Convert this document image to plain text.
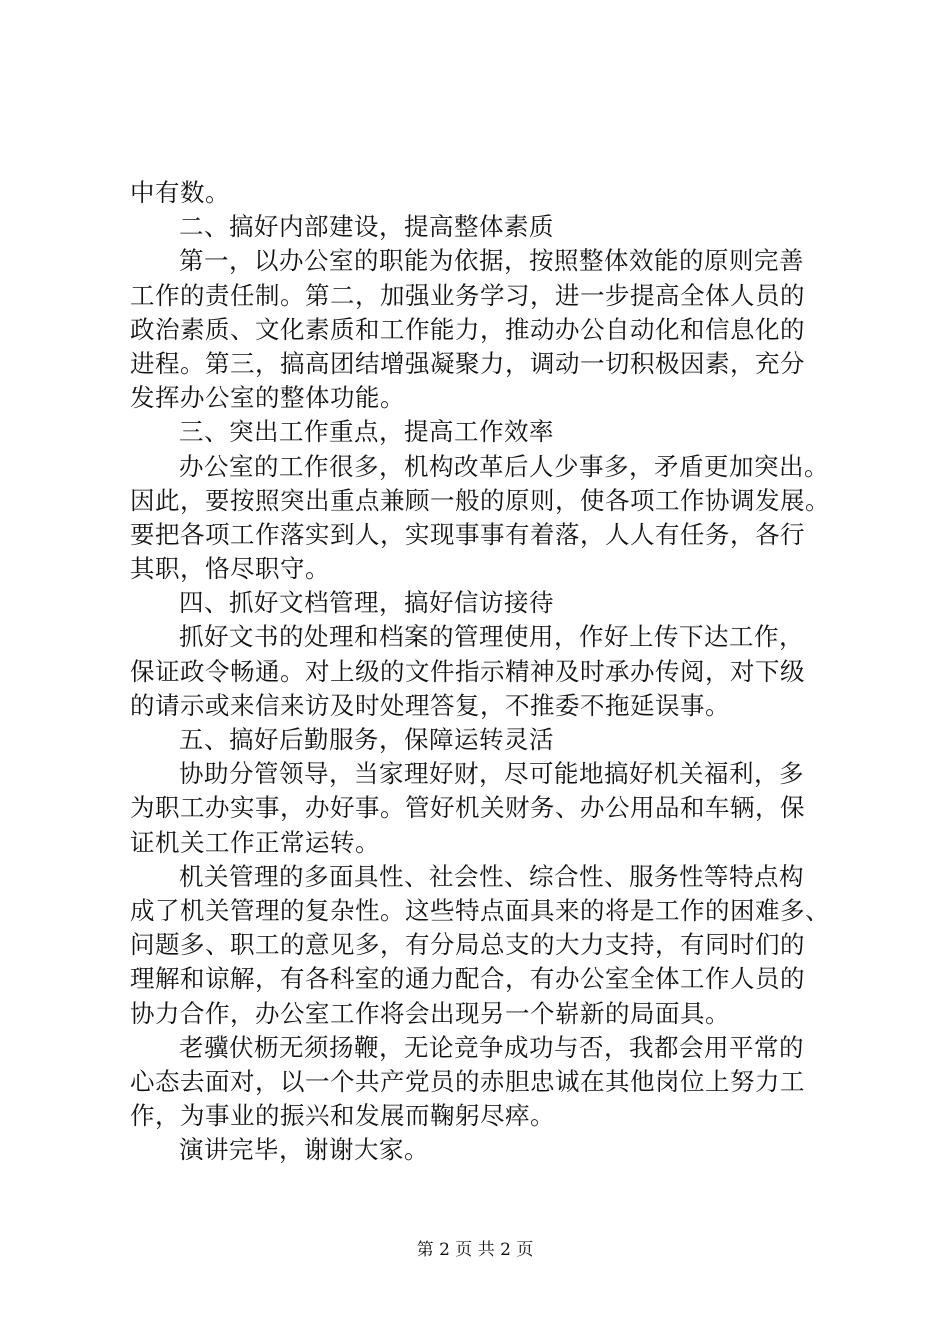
中有数。
二、搞好内部建设，提高整体素质
第一，以办公室的职能为依据，按照整体效能的原则完善
工作的责任制。第二，加强业务学习，进一步提高全体人员的
政治素质、文化素质和工作能力，推动办公自动化和信息化的
进程。第三，搞高团结增强凝聚力，调动一切积极因素，充分
发挥办公室的整体功能。
三、突出工作重点，提高工作效率
办公室的工作很多，机构改革后人少事多，矛盾更加突出。
因此，要按照突出重点兼顾一般的原则，使各项工作协调发展。
要把各项工作落实到人，实现事事有着落，人人有任务，各行
其职，恪尽职守。
四、抓好文档管理，搞好信访接待
抓好文书的处理和档案的管理使用，作好上传下达工作，
保证政令畅通。对上级的文件指示精神及时承办传阅，对下级
的请示或来信来访及时处理答复，不推委不拖延误事。
五、搞好后勤服务，保障运转灵活
协助分管领导，当家理好财，尽可能地搞好机关福利，多
为职工办实事，办好事。管好机关财务、办公用品和车辆，保
证机关工作正常运转。
机关管理的多面具性、社会性、综合性、服务性等特点构
成了机关管理的复杂性。这些特点面具来的将是工作的困难多、
问题多、职工的意见多，有分局总支的大力支持，有同时们的
理解和谅解，有各科室的通力配合，有办公室全体工作人员的
协力合作，办公室工作将会出现另一个崭新的局面具。
老骥伏枥无须扬鞭，无论竞争成功与否，我都会用平常的
心态去面对，以一个共产党员的赤胆忠诚在其他岗位上努力工
作，为事业的振兴和发展而鞠躬尽瘁。
演讲完毕，谢谢大家。
第 2 页 共 2 页
